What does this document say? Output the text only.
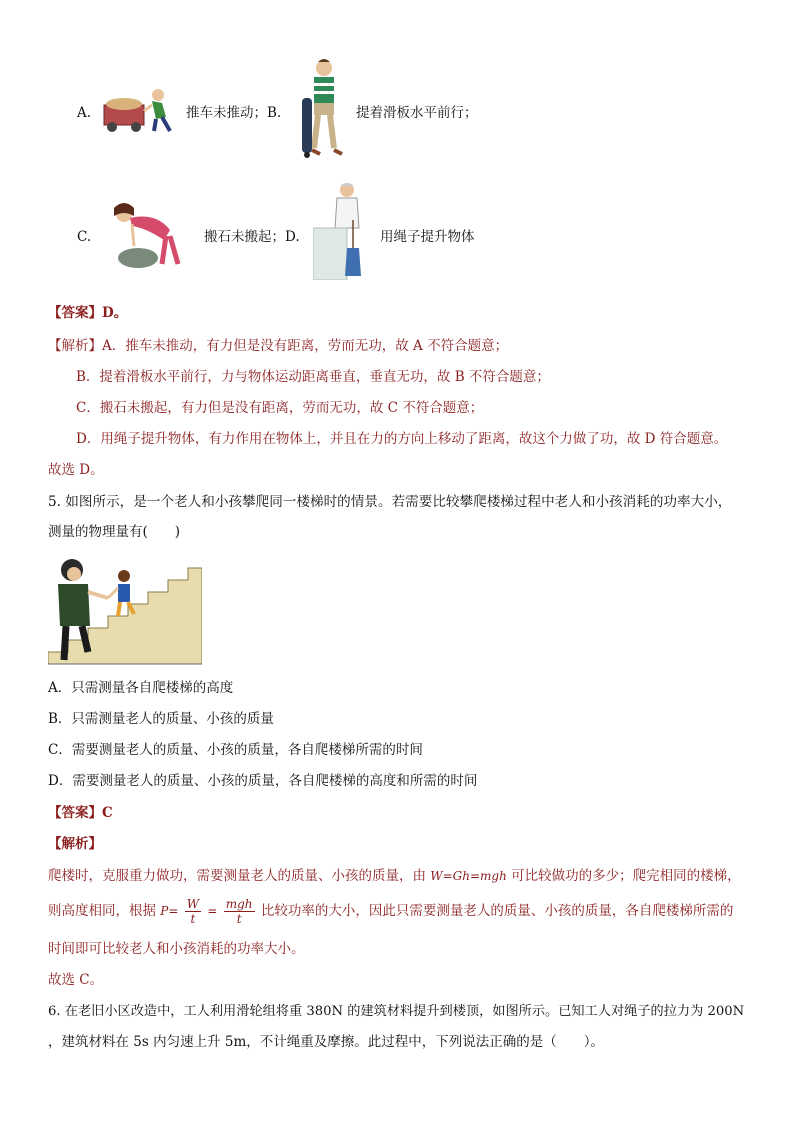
A.	推车未推动；B.	提着滑板水平前行；
C.	搬石未搬起；D.	用绳子提升物体
【答案】D。
【解析】A．推车未推动，有力但是没有距离，劳而无功，故 A 不符合题意；
B．提着滑板水平前行，力与物体运动距离垂直，垂直无功，故 B 不符合题意；
C．搬石未搬起，有力但是没有距离，劳而无功，故 C 不符合题意；
D．用绳子提升物体，有力作用在物体上，并且在力的方向上移动了距离，故这个力做了功，故 D 符合题意。
故选 D。
5. 如图所示，是一个老人和小孩攀爬同一楼梯时的情景。若需要比较攀爬楼梯过程中老人和小孩消耗的功率大小，
测量的物理量有(　　)
A．只需测量各自爬楼梯的高度
B．只需测量老人的质量、小孩的质量
C．需要测量老人的质量、小孩的质量，各自爬楼梯所需的时间
D．需要测量老人的质量、小孩的质量，各自爬楼梯的高度和所需的时间
【答案】C
【解析】
爬楼时，克服重力做功，需要测量老人的质量、小孩的质量，由 W=Gh=mgh 可比较做功的多少；爬完相同的楼梯，
则高度相同，根据 $P= \frac{W}{t} = \frac{\text{mgh}}{t}$ 比较功率的大小，因此只需要测量老人的质量、小孩的质量，各自爬楼梯所需的
时间即可比较老人和小孩消耗的功率大小。
故选 C。
6. 在老旧小区改造中，工人利用滑轮组将重 380N 的建筑材料提升到楼顶，如图所示。已知工人对绳子的拉力为 200N
，建筑材料在 5s 内匀速上升 5m，不计绳重及摩擦。此过程中，下列说法正确的是（　　）。
